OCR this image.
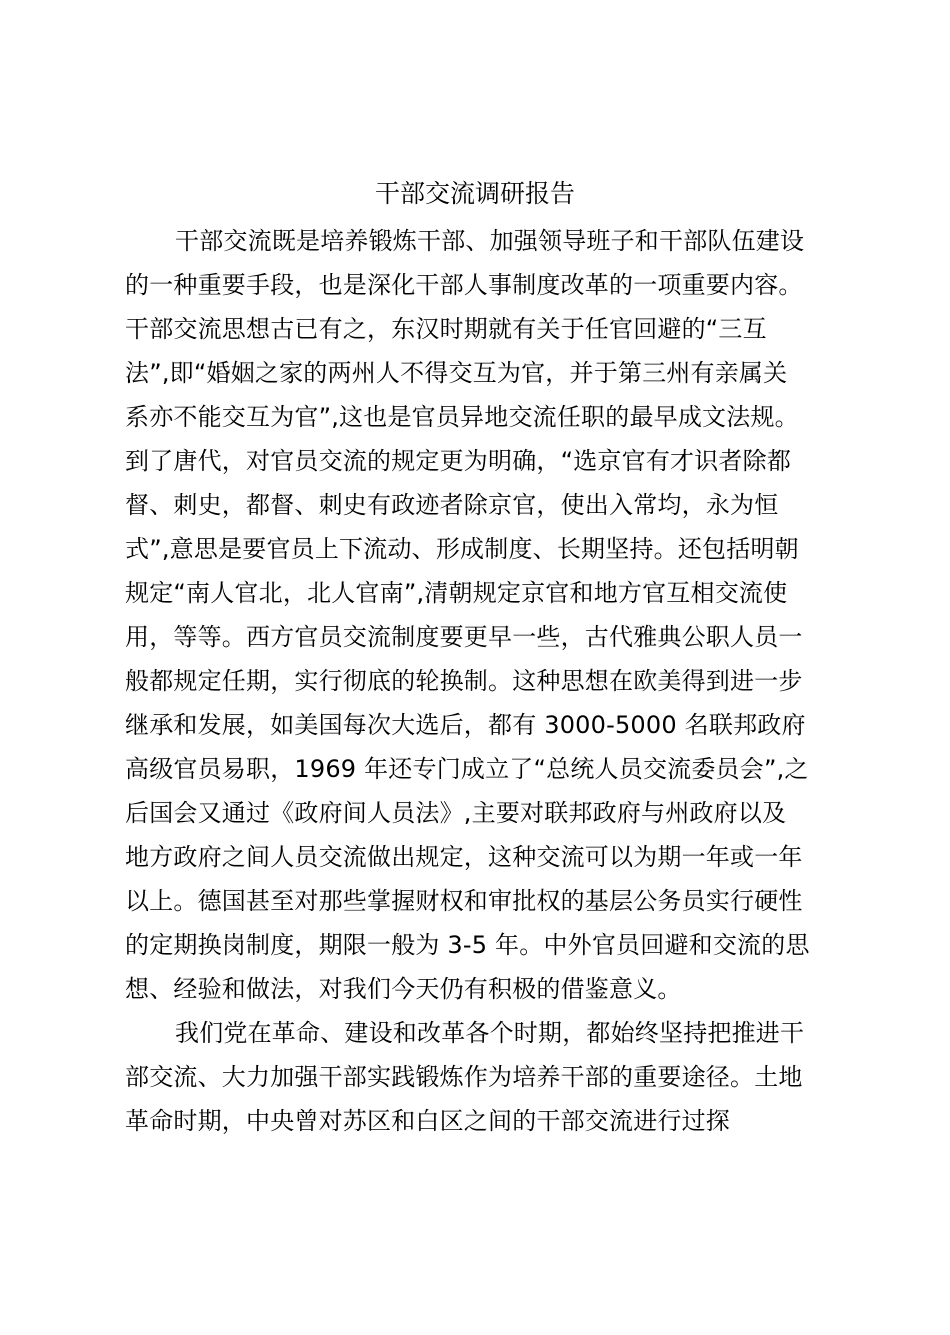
干部交流调研报告
干部交流既是培养锻炼干部、加强领导班子和干部队伍建设
的一种重要手段，也是深化干部人事制度改革的一项重要内容。
干部交流思想古已有之，东汉时期就有关于任官回避的“三互
法”,即“婚姻之家的两州人不得交互为官，并于第三州有亲属关
系亦不能交互为官”,这也是官员异地交流任职的最早成文法规。
到了唐代，对官员交流的规定更为明确，“选京官有才识者除都
督、刺史，都督、刺史有政迹者除京官，使出入常均，永为恒
式”,意思是要官员上下流动、形成制度、长期坚持。还包括明朝
规定“南人官北，北人官南”,清朝规定京官和地方官互相交流使
用，等等。西方官员交流制度要更早一些，古代雅典公职人员一
般都规定任期，实行彻底的轮换制。这种思想在欧美得到进一步
继承和发展，如美国每次大选后，都有 3000-5000 名联邦政府
高级官员易职，1969 年还专门成立了“总统人员交流委员会”,之
后国会又通过《政府间人员法》,主要对联邦政府与州政府以及
地方政府之间人员交流做出规定，这种交流可以为期一年或一年
以上。德国甚至对那些掌握财权和审批权的基层公务员实行硬性
的定期换岗制度，期限一般为 3-5 年。中外官员回避和交流的思
想、经验和做法，对我们今天仍有积极的借鉴意义。
我们党在革命、建设和改革各个时期，都始终坚持把推进干
部交流、大力加强干部实践锻炼作为培养干部的重要途径。土地
革命时期，中央曾对苏区和白区之间的干部交流进行过探
